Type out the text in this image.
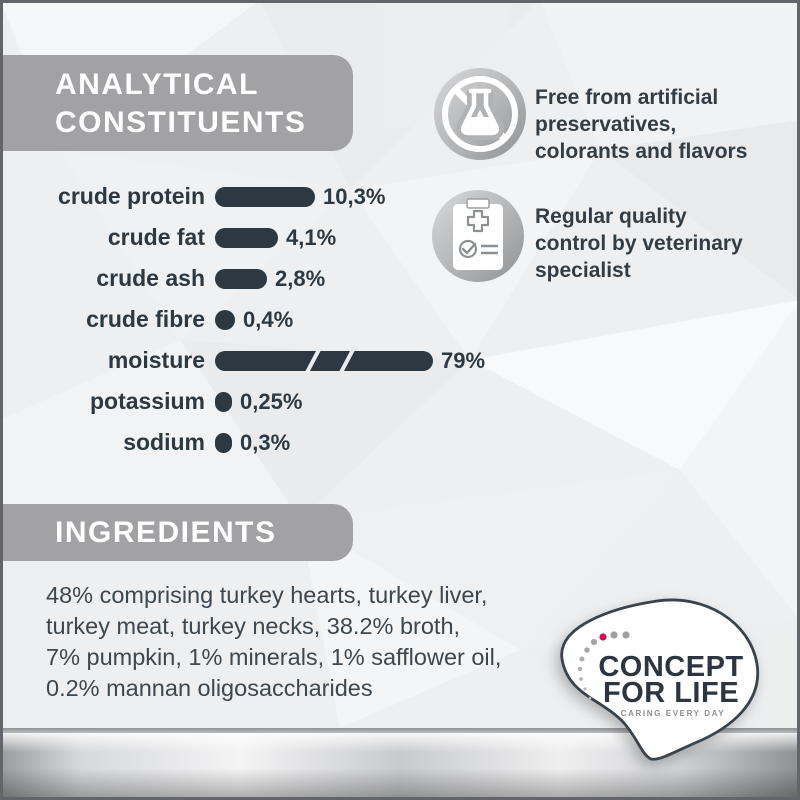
ANALYTICAL
CONSTITUENTS
crude protein	10,3%
crude fat	4,1%
crude ash	2,8%
crude fibre 0,4%
moisture	79%
potassium 0,25%
sodium 0,3%
Free from artificial
preservatives,
colorants and flavors
Regular quality
control by veterinary
specialist
INGREDIENTS
48% comprising turkey hearts, turkey liver,
turkey meat, turkey necks, 38.2% broth,
7% pumpkin, 1% minerals, 1% safflower oil,
0.2% mannan oligosaccharides
CONCEPT
FOR LIFE
CARING EVERY DAY
